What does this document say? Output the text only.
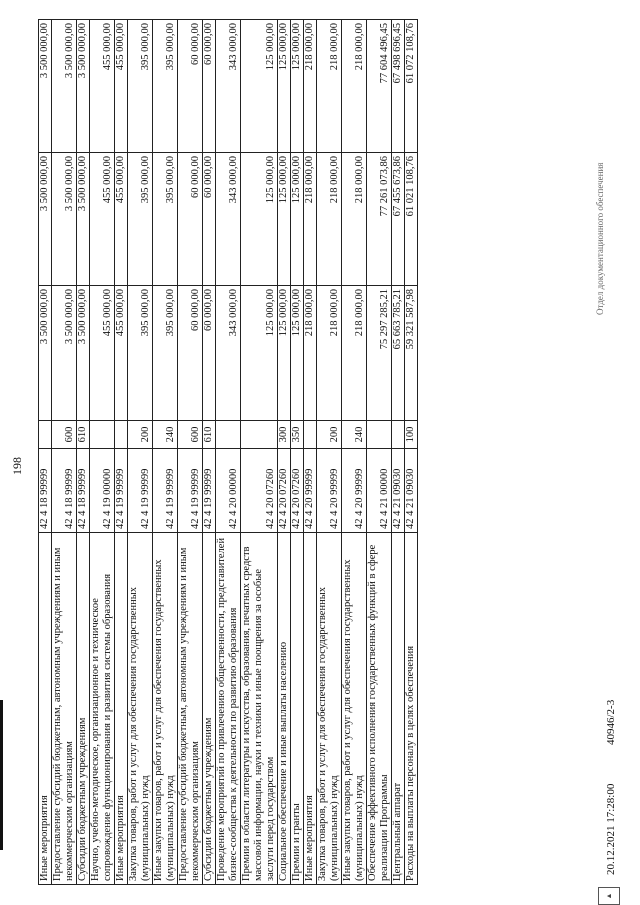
198
Иные мероприятия	42 4 18 99999		3 500 000,00	3 500 000,00	3 500 000,00
Предоставление субсидий бюджетным, автономным учреждениям и иным некоммерческим организациям	42 4 18 99999	600	3 500 000,00	3 500 000,00	3 500 000,00
Субсидии бюджетным учреждениям	42 4 18 99999	610	3 500 000,00	3 500 000,00	3 500 000,00
Научно, учебно-методическое, организационное и техническое сопровождение функционирования и развития системы образования	42 4 19 00000		455 000,00	455 000,00	455 000,00
Иные мероприятия	42 4 19 99999		455 000,00	455 000,00	455 000,00
Закупка товаров, работ и услуг для обеспечения государственных (муниципальных) нужд	42 4 19 99999	200	395 000,00	395 000,00	395 000,00
Иные закупки товаров, работ и услуг для обеспечения государственных (муниципальных) нужд	42 4 19 99999	240	395 000,00	395 000,00	395 000,00
Предоставление субсидий бюджетным, автономным учреждениям и иным некоммерческим организациям	42 4 19 99999	600	60 000,00	60 000,00	60 000,00
Субсидии бюджетным учреждениям	42 4 19 99999	610	60 000,00	60 000,00	60 000,00
Проведение мероприятий по привлечению общественности, представителей бизнес-сообщества к деятельности по развитию образования	42 4 20 00000		343 000,00	343 000,00	343 000,00
Премии в области литературы и искусства, образования, печатных средств массовой информации, науки и техники и иные поощрения за особые заслуги перед государством	42 4 20 07260		125 000,00	125 000,00	125 000,00
Социальное обеспечение и иные выплаты населению	42 4 20 07260	300	125 000,00	125 000,00	125 000,00
Премии и гранты	42 4 20 07260	350	125 000,00	125 000,00	125 000,00
Иные мероприятия	42 4 20 99999		218 000,00	218 000,00	218 000,00
Закупка товаров, работ и услуг для обеспечения государственных (муниципальных) нужд	42 4 20 99999	200	218 000,00	218 000,00	218 000,00
Иные закупки товаров, работ и услуг для обеспечения государственных (муниципальных) нужд	42 4 20 99999	240	218 000,00	218 000,00	218 000,00
Обеспечение эффективного исполнения государственных функций в сфере реализации Программы	42 4 21 00000		75 297 285,21	77 261 073,86	77 604 496,45
Центральный аппарат	42 4 21 09030		65 663 785,21	67 455 673,86	67 498 696,45
Расходы на выплаты персоналу в целях обеспечения	42 4 21 09030	100	59 321 587,98	61 021 108,76	61 072 108,76
▲
20.12.2021 17:28:00
40946/2-3
Отдел документационного обеспечения
